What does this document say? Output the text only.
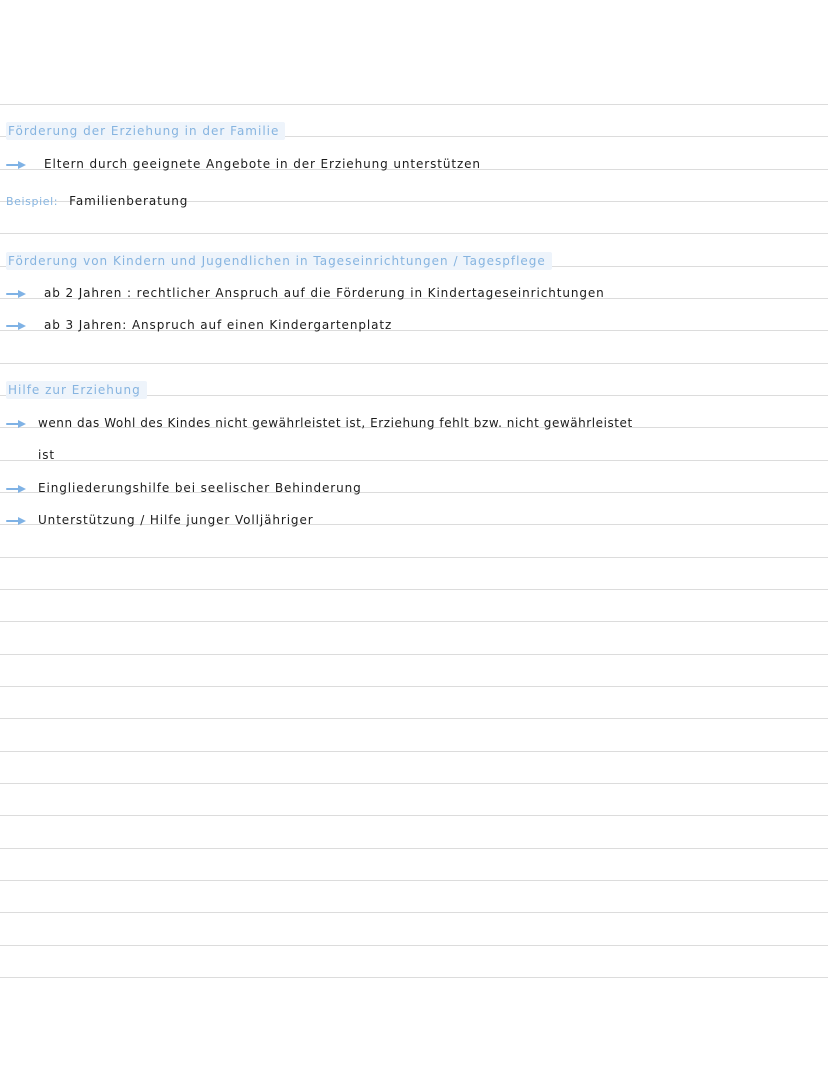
Förderung der Erziehung in der Familie
Eltern durch geeignete Angebote in der Erziehung unterstützen
Beispiel: Familienberatung
Förderung von Kindern und Jugendlichen in Tageseinrichtungen / Tagespflege
ab 2 Jahren : rechtlicher Anspruch auf die Förderung in Kindertageseinrichtungen
ab 3 Jahren: Anspruch auf einen Kindergartenplatz
Hilfe zur Erziehung
wenn das Wohl des Kindes nicht gewährleistet ist, Erziehung fehlt bzw. nicht gewährleistet
ist
Eingliederungshilfe bei seelischer Behinderung
Unterstützung / Hilfe junger Volljähriger
